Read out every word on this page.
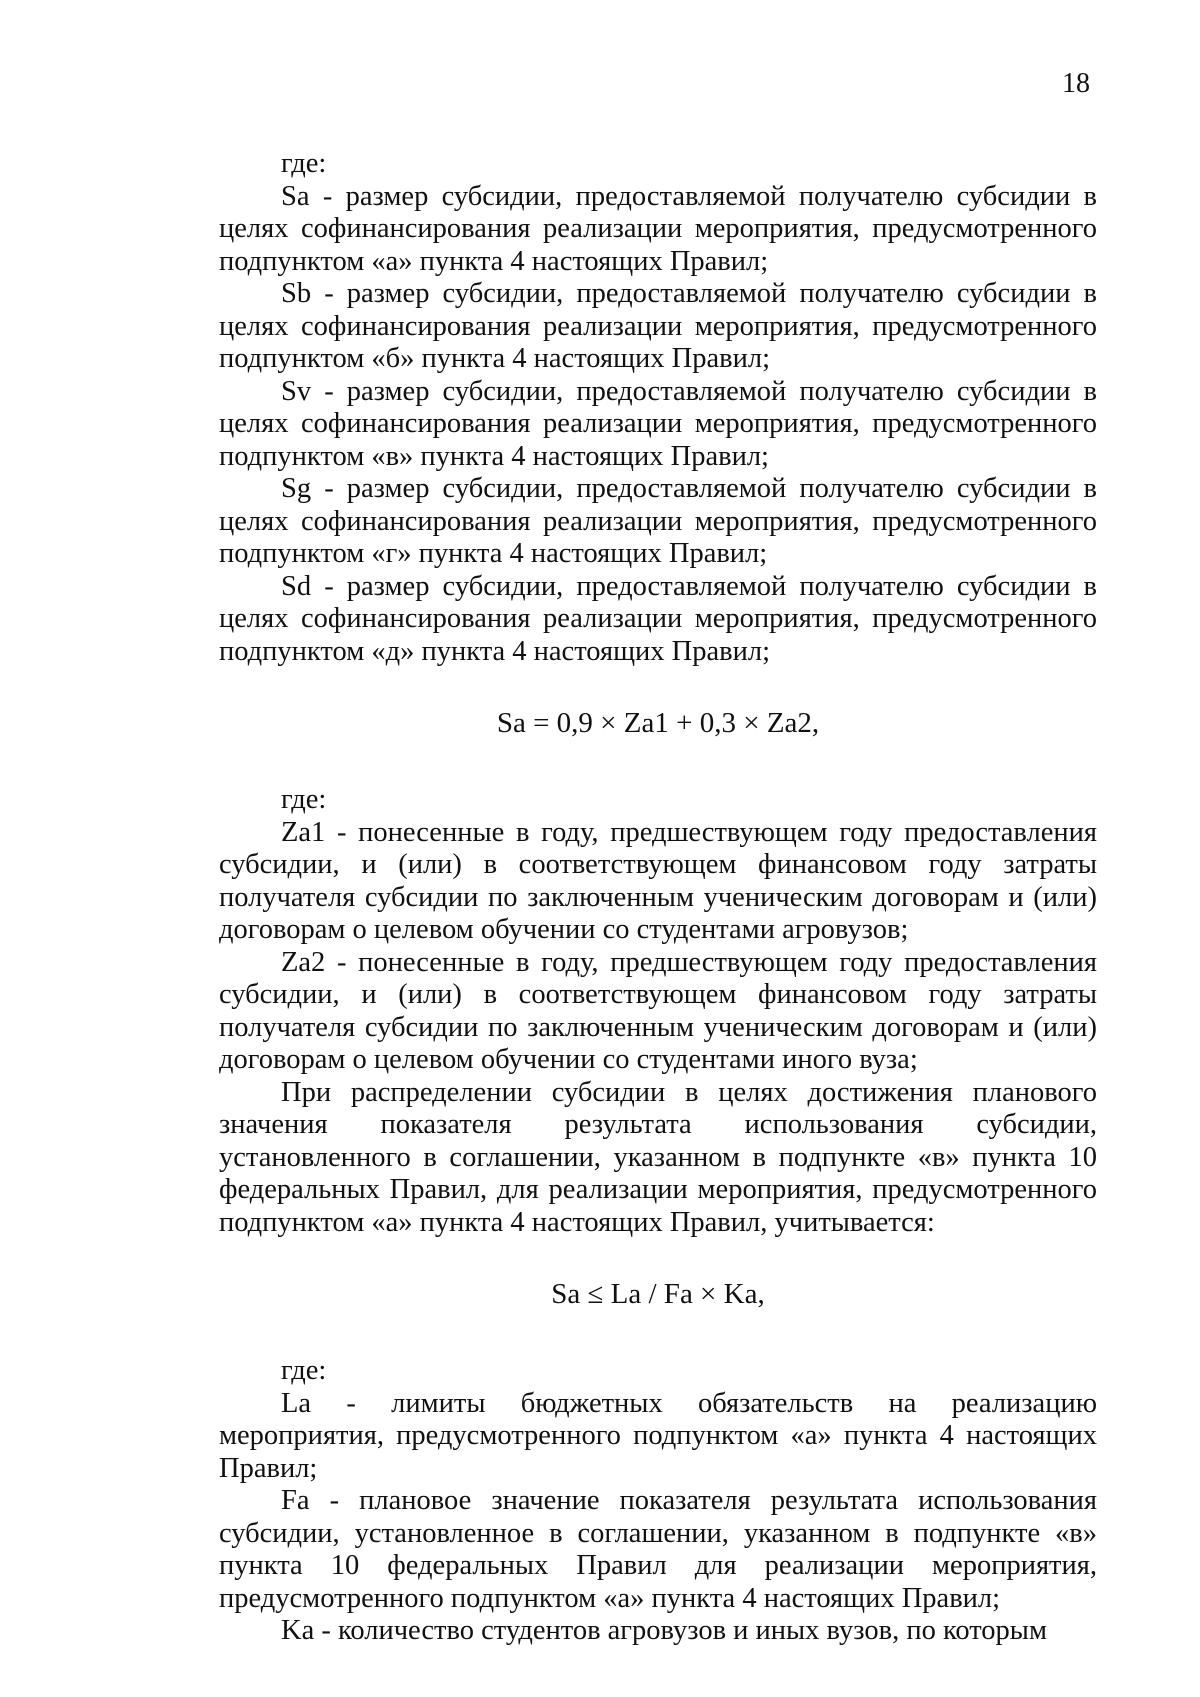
18

где:

Sa - размер субсидии, предоставляемой получателю субсидии в целях софинансирования реализации мероприятия, предусмотренного подпунктом «а» пункта 4 настоящих Правил;

Sb - размер субсидии, предоставляемой получателю субсидии в целях софинансирования реализации мероприятия, предусмотренного подпунктом «б» пункта 4 настоящих Правил;

Sv - размер субсидии, предоставляемой получателю субсидии в целях софинансирования реализации мероприятия, предусмотренного подпунктом «в» пункта 4 настоящих Правил;

Sg - размер субсидии, предоставляемой получателю субсидии в целях софинансирования реализации мероприятия, предусмотренного подпунктом «г» пункта 4 настоящих Правил;

Sd - размер субсидии, предоставляемой получателю субсидии в целях софинансирования реализации мероприятия, предусмотренного подпунктом «д» пункта 4 настоящих Правил;

Sa = 0,9 × Za1 + 0,3 × Za2,

где:

Za1 - понесенные в году, предшествующем году предоставления субсидии, и (или) в соответствующем финансовом году затраты получателя субсидии по заключенным ученическим договорам и (или) договорам о целевом обучении со студентами агровузов;

Za2 - понесенные в году, предшествующем году предоставления субсидии, и (или) в соответствующем финансовом году затраты получателя субсидии по заключенным ученическим договорам и (или) договорам о целевом обучении со студентами иного вуза;

При распределении субсидии в целях достижения планового значения показателя результата использования субсидии, установленного в соглашении, указанном в подпункте «в» пункта 10 федеральных Правил, для реализации мероприятия, предусмотренного подпунктом «а» пункта 4 настоящих Правил, учитывается:

Sa ≤ La / Fa × Ka,

где:

La - лимиты бюджетных обязательств на реализацию мероприятия, предусмотренного подпунктом «а» пункта 4 настоящих Правил;

Fa - плановое значение показателя результата использования субсидии, установленное в соглашении, указанном в подпункте «в» пункта 10 федеральных Правил для реализации мероприятия, предусмотренного подпунктом «а» пункта 4 настоящих Правил;

Ka - количество студентов агровузов и иных вузов, по которым
